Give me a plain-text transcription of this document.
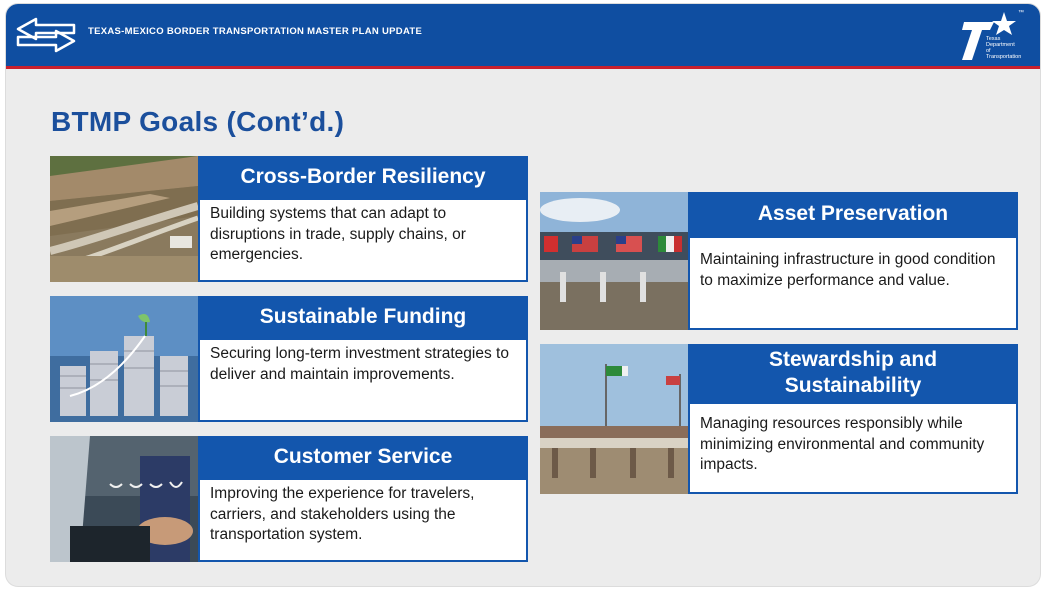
TEXAS-MEXICO BORDER TRANSPORTATION MASTER PLAN UPDATE
™
Texas
Department
of Transportation
BTMP Goals (Cont’d.)
Cross-Border Resiliency
Building systems that can adapt to disruptions in trade, supply chains, or emergencies.
Sustainable Funding
Securing long-term investment strategies to deliver and maintain improvements.
Customer Service
Improving the experience for travelers, carriers, and stakeholders using the transportation system.
Asset Preservation
Maintaining infrastructure in good condition to maximize performance and value.
Stewardship and Sustainability
Managing resources responsibly while minimizing environmental and community impacts.
